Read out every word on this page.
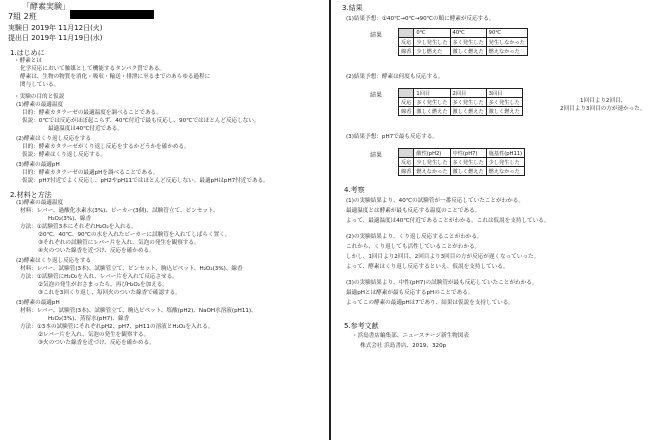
「酵素実験」
7組 2班
実験日 2019年 11月12日(火)
提出日 2019年 11月19日(水)
1.はじめに
・酵素とは
化学反応において触媒として機能するタンパク質である。
酵素は、生物の物質を消化・吸収・輸送・排泄に至るまでのあらゆる過程に
関与している。
・実験の目的と仮説
(1)酵素の最適温度
目的：酵素カタラーゼの最適温度を調べることである。
仮説：0℃では反応がほぼ起こらず、40℃付近で最も反応し、90℃ではほとんど反応しない。
最適温度は40℃付近である。
(2)酵素はくり返し反応をする
目的：酵素カタラーゼがくり返し反応をするかどうかを確かめる。
仮説：酵素はくり返し反応する。
(3)酵素の最適pH
目的：酵素カタラーゼの最適pHを調べることである。
仮説：pH7付近でよく反応し、pH2やpH11ではほとんど反応しない。最適pHはpH7付近である。
2.材料と方法
(1)酵素の最適温度
材料：レバー、過酸化水素水(3%)、ビーカー(3個)、試験管立て、ピンセット、
H₂O₂(3%)、線香
方法：①試験管3本にそれぞれH₂O₂を入れる。
②0℃、40℃、90℃の水を入れたビーカーに試験管を入れてしばらく置く。
③それぞれの試験管にレバー片を入れ、気泡の発生を観察する。
④火のついた線香を近づけ、反応を確かめる。
(2)酵素はくり返し反応をする
材料：レバー、試験管(3本)、試験管立て、ピンセット、駒込ピペット、H₂O₂(3%)、線香
方法：①試験管にH₂O₂を入れ、レバー片を入れて反応させる。
②気泡の発生がおさまったら、再びH₂O₂を加える。
③これを3回くり返し、毎回火のついた線香で確認する。
(3)酵素の最適pH
材料：レバー、試験管(3本)、試験管立て、駒込ピペット、塩酸(pH2)、NaOH水溶液(pH11)、
H₂O₂(3%)、蒸留水(pH7)、線香
方法：①3本の試験管にそれぞれpH2、pH7、pH11の溶液とH₂O₂を入れる。
②レバー片を入れ、気泡の発生を観察する。
③火のついた線香を近づけ、反応を確かめる。
3.結果
(1)結果予想：①40℃→0℃→90℃の順に酵素が反応する。
結果
		0℃	40℃	90℃
反応	少し発生した	多く発生した	発生しなかった
線香	少し燃えた	激しく燃えた	燃えなかった
(2)結果予想：酵素は何度も反応する。
結果
		1回目	2回目	3回目
反応	多く発生した	多く発生した	多く発生した
線香	激しく燃えた	激しく燃えた	激しく燃えた
1回目より2回目、
2回目より3回目の方が速かった。
(3)結果予想：pH7で最も反応する。
結果
		酸性(pH2)	中性(pH7)	塩基性(pH11)
反応	少し発生した	多く発生した	少し発生した
線香	燃えなかった	激しく燃えた	燃えなかった
4.考察
(1)の実験結果より、40℃の試験管が一番反応していたことがわかる。
最適温度とは酵素が最も反応する温度のことである。
よって、最適温度は40℃付近であることがわかる。これは仮説を支持している。
(2)の実験結果より、くり返し反応することがわかる。
これから、くり返しても活性していることがわかる。
しかし、1回目より2回目、2回目より3回目の方が反応が遅くなっていった。
よって、酵素はくり返し反応するといえ、仮説を支持している。
(3)の実験結果より、中性(pH7)の試験管が最も反応していたことがわかる。
最適pHとは酵素が最も反応するpHのことである。
よってこの酵素の最適pHは7であり、結果は仮説を支持している。
5.参考文献
・浜島書店編集部、ニューステージ新生物図表
株式会社 浜島書店、2019、320p
